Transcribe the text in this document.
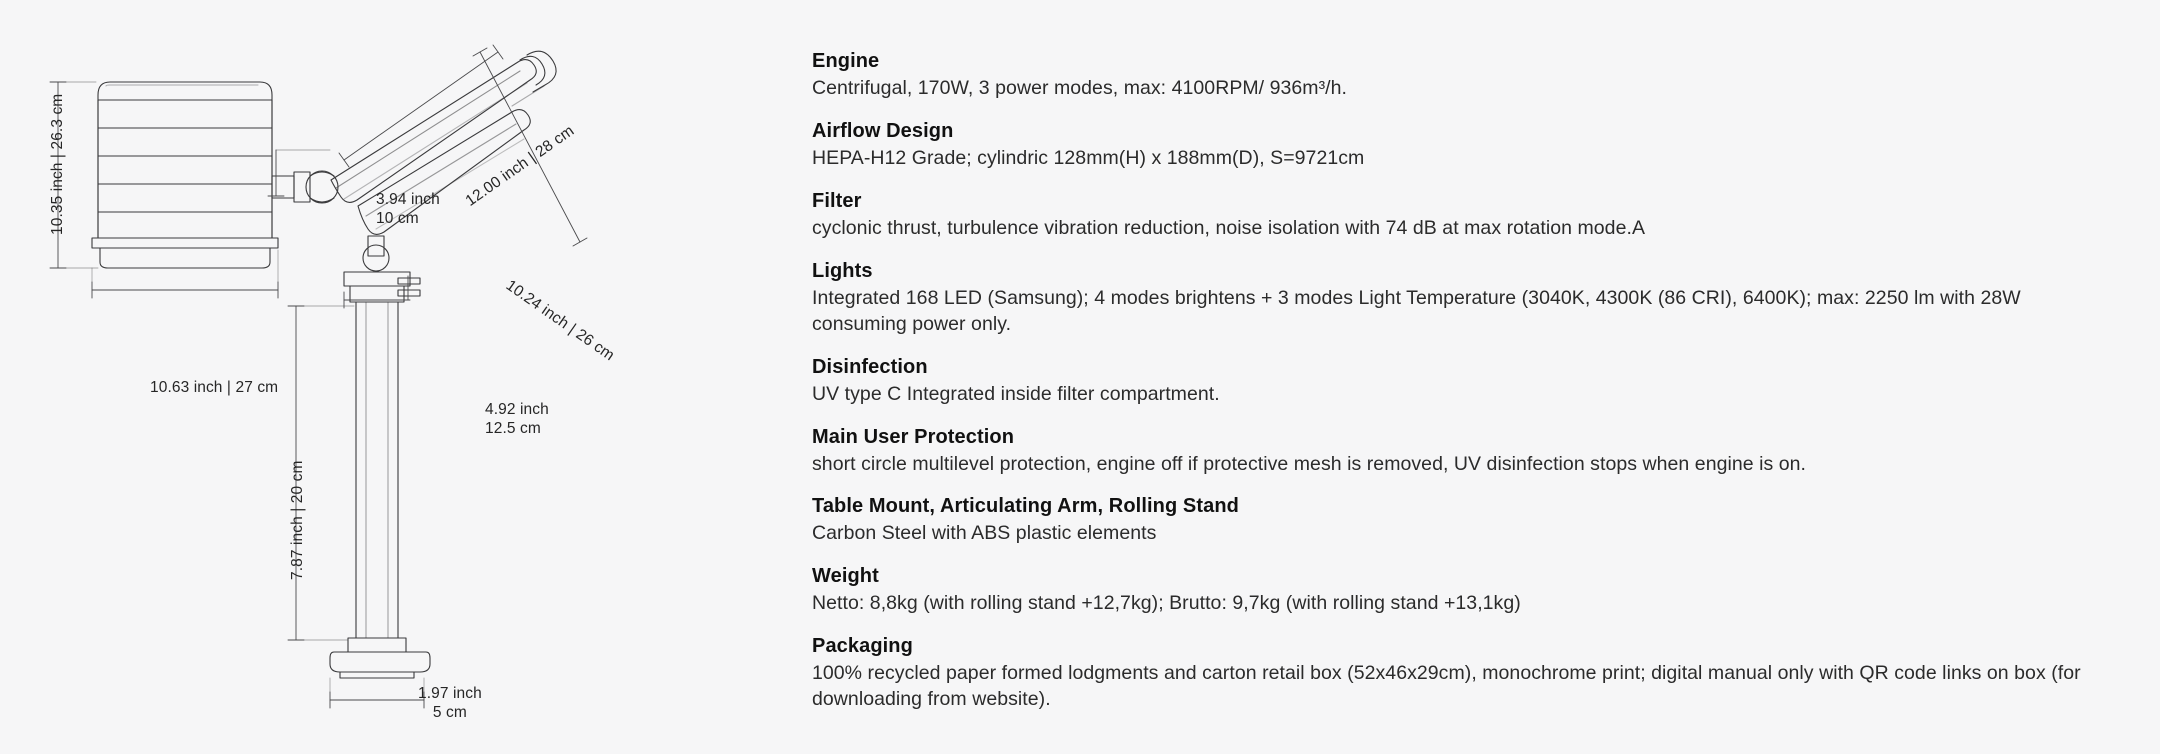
10.35 inch | 26.3 cm
10.63 inch | 27 cm
12.00 inch | 28 cm
10.24 inch | 26 cm
3.94 inch
10 cm
7.87 inch | 20 cm
4.92 inch
12.5 cm
1.97 inch
5 cm
Engine
Centrifugal, 170W, 3 power modes, max: 4100RPM/ 936m³/h.
Airflow Design
HEPA-H12 Grade; cylindric 128mm(H) x 188mm(D), S=9721cm
Filter
cyclonic thrust, turbulence vibration reduction, noise isolation with 74 dB at max rotation mode.A
Lights
Integrated 168 LED (Samsung); 4 modes brightens + 3 modes Light Temperature (3040K, 4300K (86 CRI), 6400K); max: 2250 lm with 28W consuming power only.
Disinfection
UV type C Integrated inside filter compartment.
Main User Protection
short circle multilevel protection, engine off if protective mesh is removed, UV disinfection stops when engine is on.
Table Mount, Articulating Arm, Rolling Stand
Carbon Steel with ABS plastic elements
Weight
Netto: 8,8kg (with rolling stand +12,7kg); Brutto: 9,7kg (with rolling stand +13,1kg)
Packaging
100% recycled paper formed lodgments and carton retail box (52x46x29cm), monochrome print; digital manual only with QR code links on box (for downloading from website).
